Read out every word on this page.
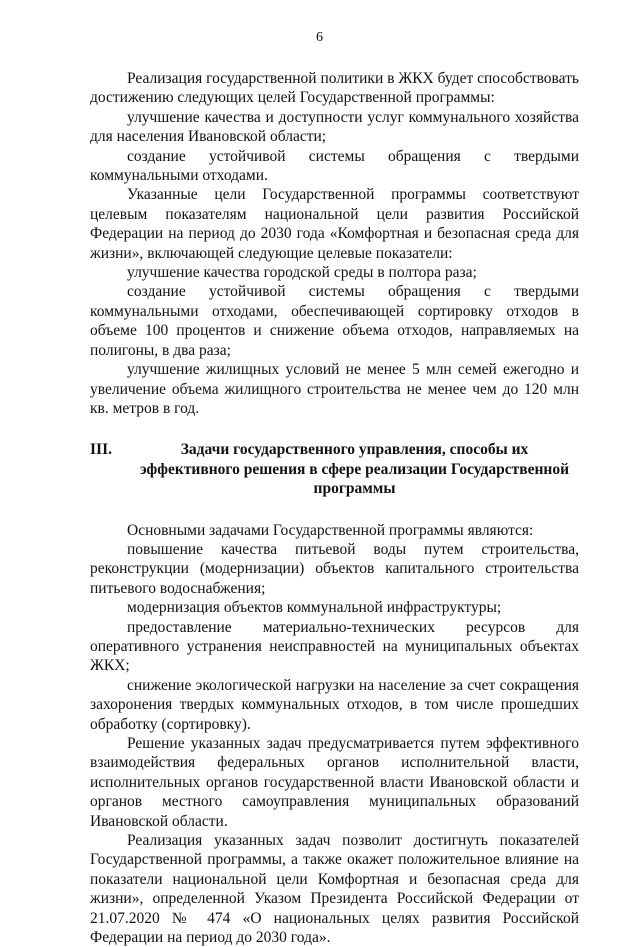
6

Реализация государственной политики в ЖКХ будет способствовать достижению следующих целей Государственной программы:

улучшение качества и доступности услуг коммунального хозяйства для населения Ивановской области;

создание устойчивой системы обращения с твердыми коммунальными отходами.

Указанные цели Государственной программы соответствуют целевым показателям национальной цели развития Российской Федерации на период до 2030 года «Комфортная и безопасная среда для жизни», включающей следующие целевые показатели:

улучшение качества городской среды в полтора раза;

создание устойчивой системы обращения с твердыми коммунальными отходами, обеспечивающей сортировку отходов в объеме 100 процентов и снижение объема отходов, направляемых на полигоны, в два раза;

улучшение жилищных условий не менее 5 млн семей ежегодно и увеличение объема жилищного строительства не менее чем до 120 млн кв. метров в год.

III.	Задачи государственного управления, способы их эффективного решения в сфере реализации Государственной программы

Основными задачами Государственной программы являются:

повышение качества питьевой воды путем строительства, реконструкции (модернизации) объектов капитального строительства питьевого водоснабжения;

модернизация объектов коммунальной инфраструктуры;

предоставление материально-технических ресурсов для оперативного устранения неисправностей на муниципальных объектах ЖКХ;

снижение экологической нагрузки на население за счет сокращения захоронения твердых коммунальных отходов, в том числе прошедших обработку (сортировку).

Решение указанных задач предусматривается путем эффективного взаимодействия федеральных органов исполнительной власти, исполнительных органов государственной власти Ивановской области и органов местного самоуправления муниципальных образований Ивановской области.

Реализация указанных задач позволит достигнуть показателей Государственной программы, а также окажет положительное влияние на показатели национальной цели Комфортная и безопасная среда для жизни», определенной Указом Президента Российской Федерации от 21.07.2020 № 474 «О национальных целях развития Российской Федерации на период до 2030 года».
